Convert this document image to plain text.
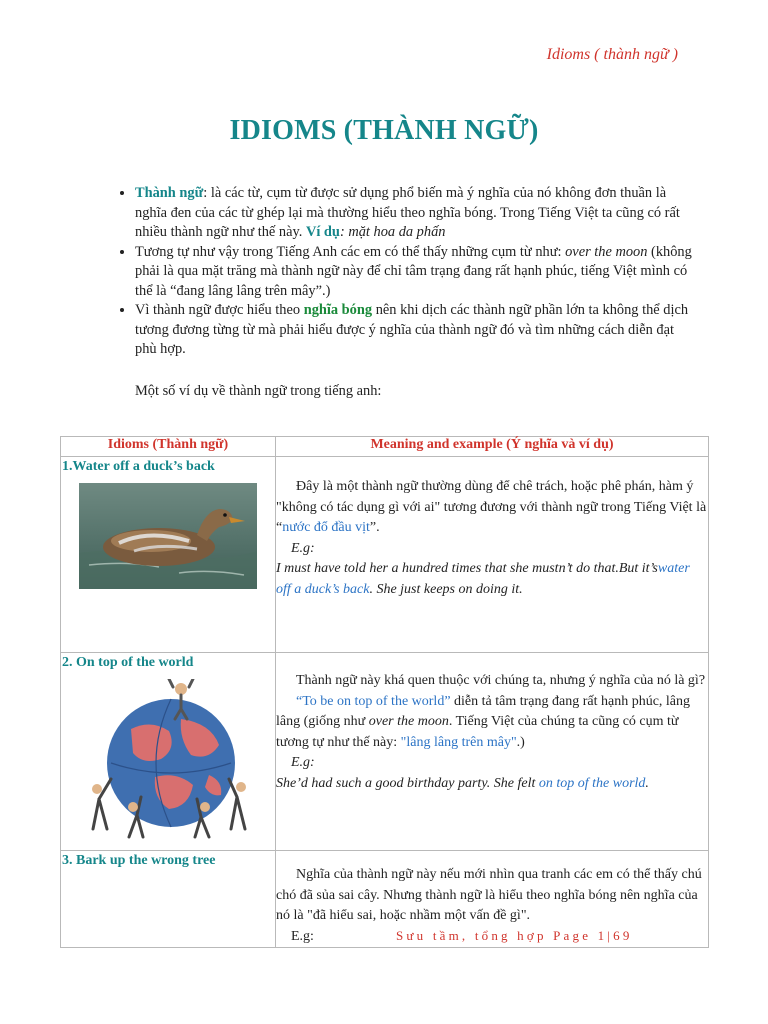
Idioms ( thành ngữ )
IDIOMS (THÀNH NGỮ)
• Thành ngữ: là các từ, cụm từ được sử dụng phổ biến mà ý nghĩa của nó không đơn thuần là nghĩa đen của các từ ghép lại mà thường hiểu theo nghĩa bóng. Trong Tiếng Việt ta cũng có rất nhiều thành ngữ như thế này. Ví dụ: mặt hoa da phấn
• Tương tự như vậy trong Tiếng Anh các em có thể thấy những cụm từ như: over the moon (không phải là qua mặt trăng mà thành ngữ này để chỉ tâm trạng đang rất hạnh phúc, tiếng Việt mình có thể là “đang lâng lâng trên mây”.)
• Vì thành ngữ được hiểu theo nghĩa bóng nên khi dịch các thành ngữ phần lớn ta không thể dịch tương đương từng từ mà phải hiểu được ý nghĩa của thành ngữ đó và tìm những cách diễn đạt phù hợp.
Một số ví dụ về thành ngữ trong tiếng anh:
Idioms (Thành ngữ)	Meaning and example (Ý nghĩa và ví dụ)

1.Water off a duck’s back	Đây là một thành ngữ thường dùng để chê trách, hoặc phê phán, hàm ý "không có tác dụng gì với ai" tương đương với thành ngữ trong Tiếng Việt là “nước đổ đầu vịt”.
E.g:
I must have told her a hundred times that she mustn’t do that.But it’swater off a duck’s back. She just keeps on doing it.

2. On top of the world	Thành ngữ này khá quen thuộc với chúng ta, nhưng ý nghĩa của nó là gì?
“To be on top of the world” diễn tả tâm trạng đang rất hạnh phúc, lâng lâng (giống như over the moon. Tiếng Việt của chúng ta cũng có cụm từ tương tự như thế này: "lâng lâng trên mây".)
E.g:
She’d had such a good birthday party. She felt on top of the world.

3. Bark up the wrong tree	Nghĩa của thành ngữ này nếu mới nhìn qua tranh các em có thể thấy chú chó đã sủa sai cây. Nhưng thành ngữ là hiểu theo nghĩa bóng nên nghĩa của nó là "đã hiểu sai, hoặc nhầm một vấn đề gì".
E.g:	Sưu tầm, tổng hợp Page 1|69
